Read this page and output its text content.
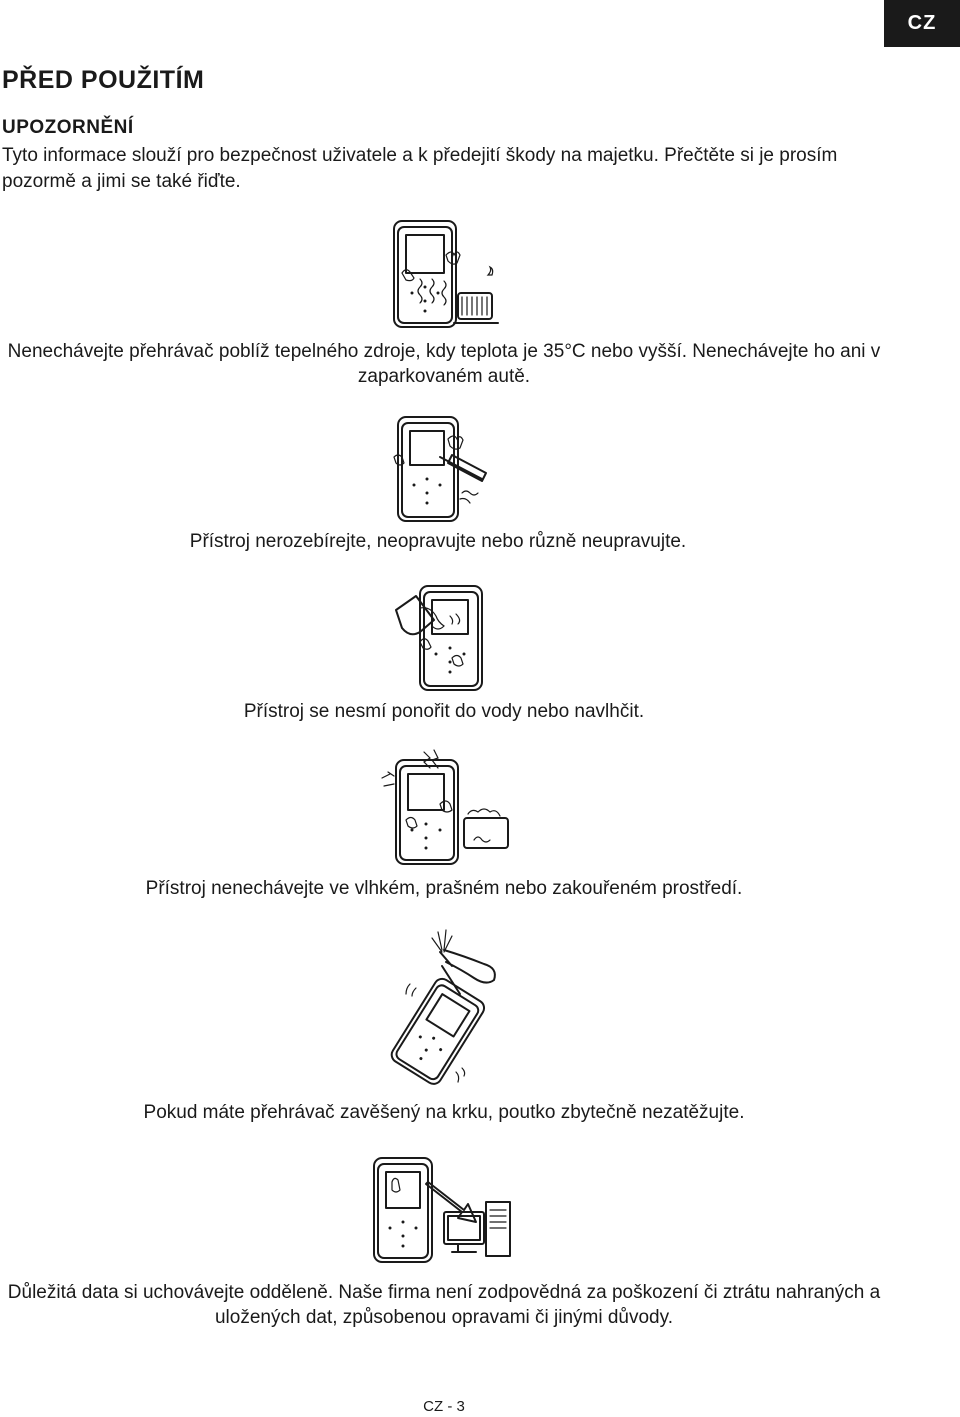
CZ
PŘED POUŽITÍM
UPOZORNĚNÍ

Tyto informace slouží pro bezpečnost uživatele a k předejití škody na majetku. Přečtěte si je prosím pozormě a jimi se také řiďte.

Nenechávejte přehrávač poblíž tepelného zdroje, kdy teplota je 35°C nebo vyšší. Nenechávejte ho ani v zaparkovaném autě.

Přístroj nerozebírejte, neopravujte nebo různě neupravujte.

Přístroj se nesmí ponořit do vody nebo navlhčit.

Přístroj nenechávejte ve vlhkém, prašném nebo zakouřeném prostředí.

Pokud máte přehrávač zavěšený na krku, poutko zbytečně nezatěžujte.

Důležitá data si uchovávejte odděleně. Naše firma není zodpovědná za poškození či ztrátu nahraných a uložených dat, způsobenou opravami či jinými důvody.

CZ - 3
